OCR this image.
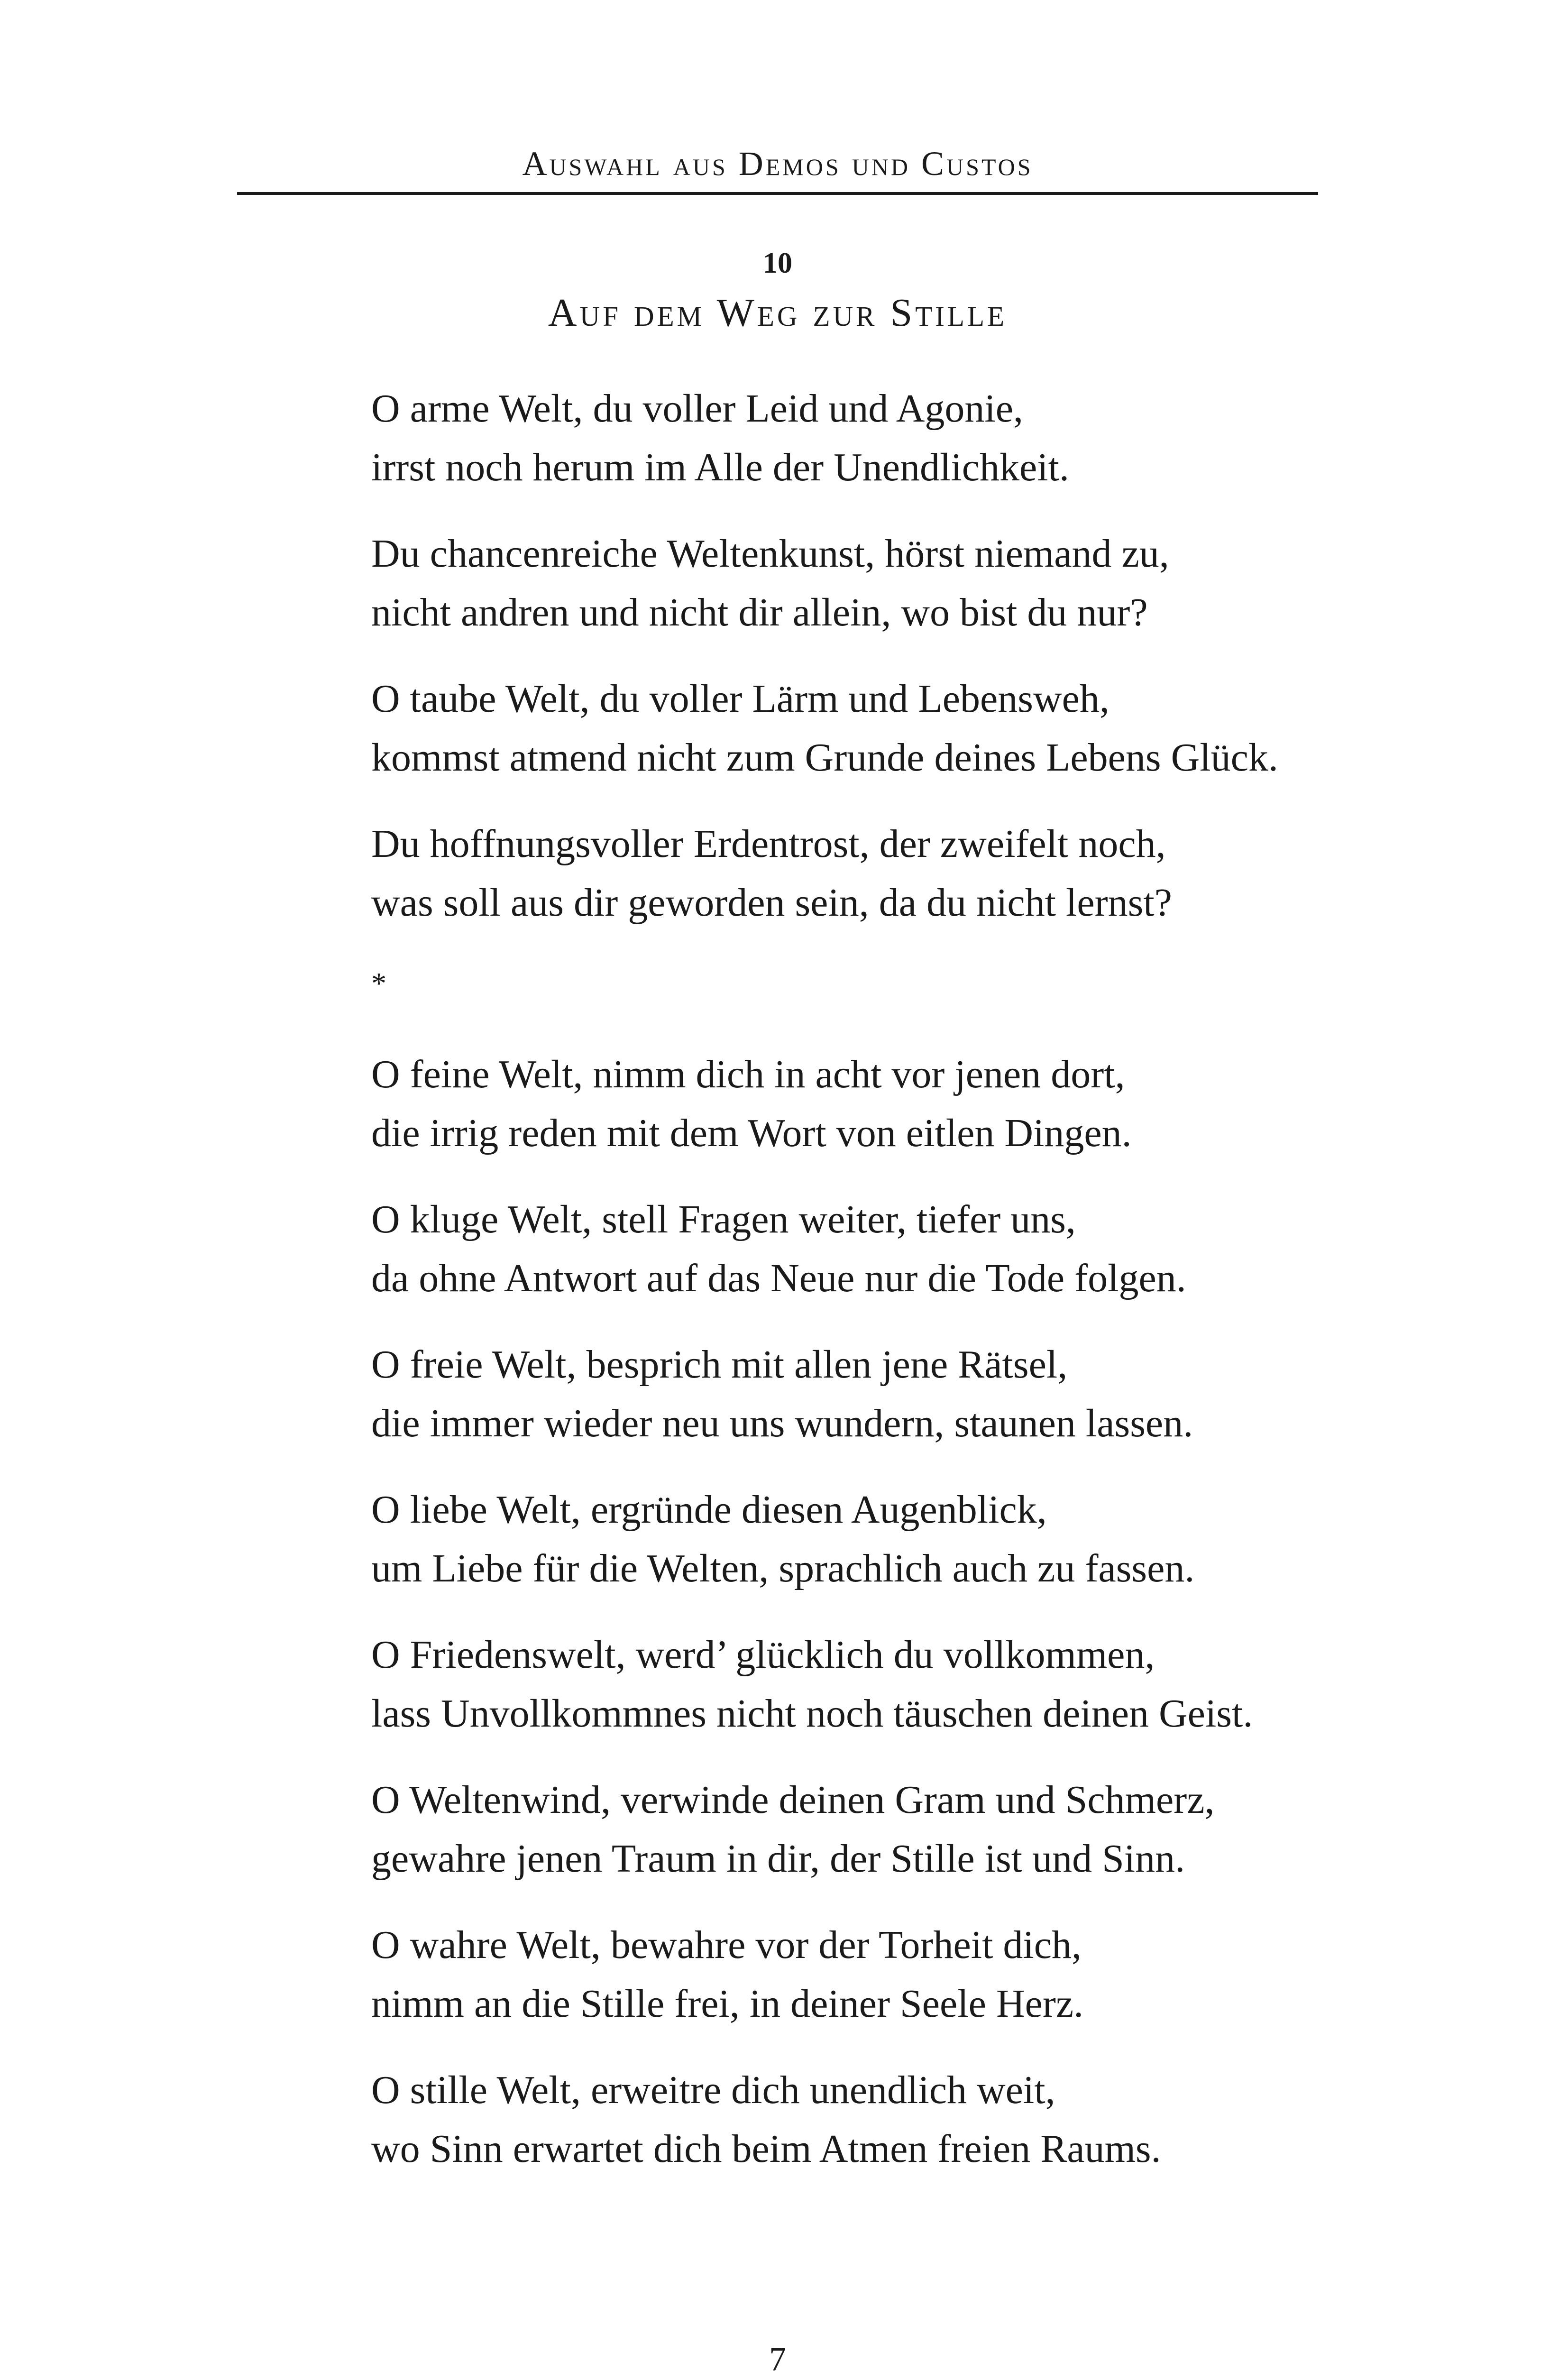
Auswahl aus Demos und Custos
10
Auf dem Weg zur Stille
O arme Welt, du voller Leid und Agonie,
irrst noch herum im Alle der Unendlichkeit.
Du chancenreiche Weltenkunst, hörst niemand zu,
nicht andren und nicht dir allein, wo bist du nur?
O taube Welt, du voller Lärm und Lebensweh,
kommst atmend nicht zum Grunde deines Lebens Glück.
Du hoffnungsvoller Erdentrost, der zweifelt noch,
was soll aus dir geworden sein, da du nicht lernst?
*
O feine Welt, nimm dich in acht vor jenen dort,
die irrig reden mit dem Wort von eitlen Dingen.
O kluge Welt, stell Fragen weiter, tiefer uns,
da ohne Antwort auf das Neue nur die Tode folgen.
O freie Welt, besprich mit allen jene Rätsel,
die immer wieder neu uns wundern, staunen lassen.
O liebe Welt, ergründe diesen Augenblick,
um Liebe für die Welten, sprachlich auch zu fassen.
O Friedenswelt, werd’ glücklich du vollkommen,
lass Unvollkommnes nicht noch täuschen deinen Geist.
O Weltenwind, verwinde deinen Gram und Schmerz,
gewahre jenen Traum in dir, der Stille ist und Sinn.
O wahre Welt, bewahre vor der Torheit dich,
nimm an die Stille frei, in deiner Seele Herz.
O stille Welt, erweitre dich unendlich weit,
wo Sinn erwartet dich beim Atmen freien Raums.
7
